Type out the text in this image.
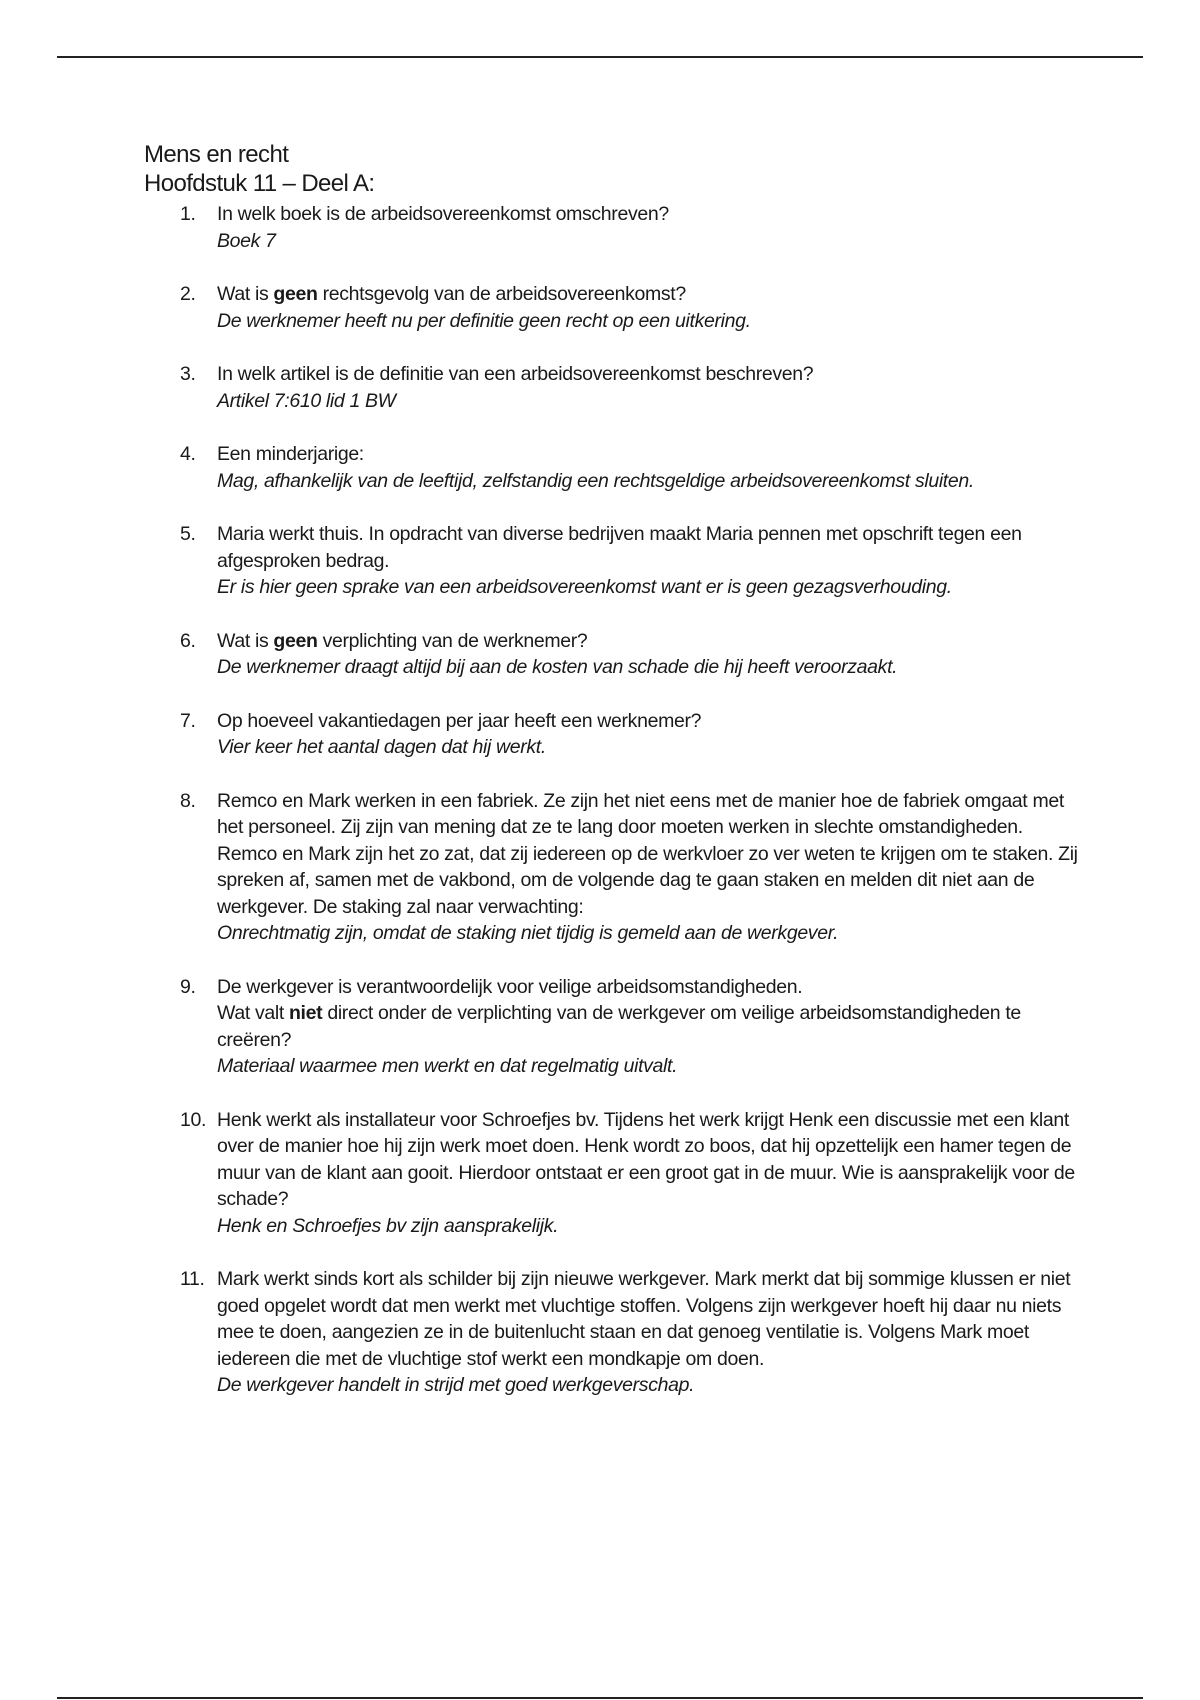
Mens en recht
Hoofdstuk 11 – Deel A:
1. In welk boek is de arbeidsovereenkomst omschreven?
Boek 7
2. Wat is geen rechtsgevolg van de arbeidsovereenkomst?
De werknemer heeft nu per definitie geen recht op een uitkering.
3. In welk artikel is de definitie van een arbeidsovereenkomst beschreven?
Artikel 7:610 lid 1 BW
4. Een minderjarige:
Mag, afhankelijk van de leeftijd, zelfstandig een rechtsgeldige arbeidsovereenkomst sluiten.
5. Maria werkt thuis. In opdracht van diverse bedrijven maakt Maria pennen met opschrift tegen een afgesproken bedrag.
Er is hier geen sprake van een arbeidsovereenkomst want er is geen gezagsverhouding.
6. Wat is geen verplichting van de werknemer?
De werknemer draagt altijd bij aan de kosten van schade die hij heeft veroorzaakt.
7. Op hoeveel vakantiedagen per jaar heeft een werknemer?
Vier keer het aantal dagen dat hij werkt.
8. Remco en Mark werken in een fabriek. Ze zijn het niet eens met de manier hoe de fabriek omgaat met het personeel. Zij zijn van mening dat ze te lang door moeten werken in slechte omstandigheden. Remco en Mark zijn het zo zat, dat zij iedereen op de werkvloer zo ver weten te krijgen om te staken. Zij spreken af, samen met de vakbond, om de volgende dag te gaan staken en melden dit niet aan de werkgever. De staking zal naar verwachting:
Onrechtmatig zijn, omdat de staking niet tijdig is gemeld aan de werkgever.
9. De werkgever is verantwoordelijk voor veilige arbeidsomstandigheden.
Wat valt niet direct onder de verplichting van de werkgever om veilige arbeidsomstandigheden te creëren?
Materiaal waarmee men werkt en dat regelmatig uitvalt.
10. Henk werkt als installateur voor Schroefjes bv. Tijdens het werk krijgt Henk een discussie met een klant over de manier hoe hij zijn werk moet doen. Henk wordt zo boos, dat hij opzettelijk een hamer tegen de muur van de klant aan gooit. Hierdoor ontstaat er een groot gat in de muur. Wie is aansprakelijk voor de schade?
Henk en Schroefjes bv zijn aansprakelijk.
11. Mark werkt sinds kort als schilder bij zijn nieuwe werkgever. Mark merkt dat bij sommige klussen er niet goed opgelet wordt dat men werkt met vluchtige stoffen. Volgens zijn werkgever hoeft hij daar nu niets mee te doen, aangezien ze in de buitenlucht staan en dat genoeg ventilatie is. Volgens Mark moet iedereen die met de vluchtige stof werkt een mondkapje om doen.
De werkgever handelt in strijd met goed werkgeverschap.
